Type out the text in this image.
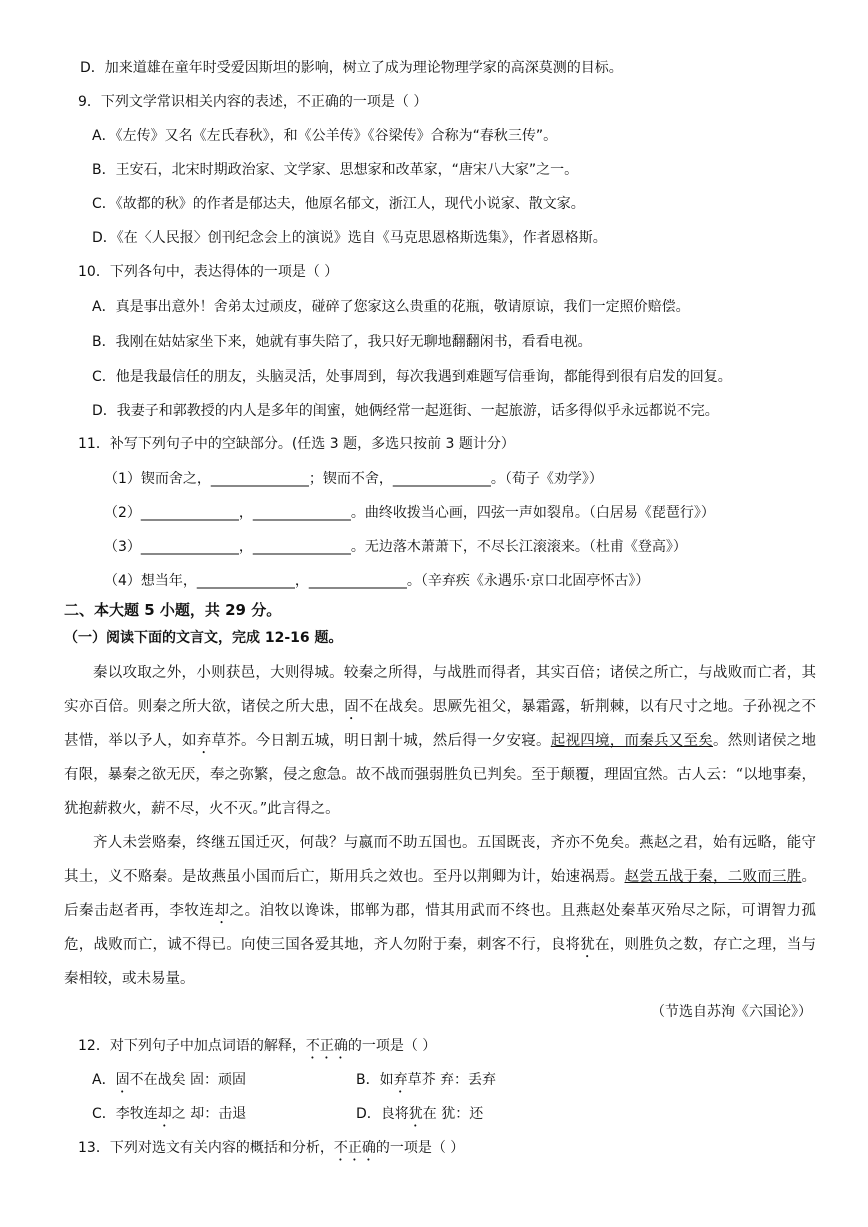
D．加来道雄在童年时受爱因斯坦的影响，树立了成为理论物理学家的高深莫测的目标。
9．下列文学常识相关内容的表述，不正确的一项是（ ）
A．《左传》又名《左氏春秋》，和《公羊传》《谷梁传》合称为“春秋三传”。
B．王安石，北宋时期政治家、文学家、思想家和改革家，“唐宋八大家”之一。
C．《故都的秋》的作者是郁达夫，他原名郁文，浙江人，现代小说家、散文家。
D．《在〈人民报〉创刊纪念会上的演说》选自《马克思恩格斯选集》，作者恩格斯。
10．下列各句中，表达得体的一项是（ ）
A．真是事出意外！舍弟太过顽皮，碰碎了您家这么贵重的花瓶，敬请原谅，我们一定照价赔偿。
B．我刚在姑姑家坐下来，她就有事失陪了，我只好无聊地翻翻闲书，看看电视。
C．他是我最信任的朋友，头脑灵活，处事周到，每次我遇到难题写信垂询，都能得到很有启发的回复。
D．我妻子和郭教授的内人是多年的闺蜜，她俩经常一起逛街、一起旅游，话多得似乎永远都说不完。
11．补写下列句子中的空缺部分。(任选 3 题，多选只按前 3 题计分）
（1）锲而舍之，______________；锲而不舍，______________。（荀子《劝学》）
（2）______________，______________。曲终收拨当心画，四弦一声如裂帛。（白居易《琵琶行》）
（3）______________，______________。无边落木萧萧下，不尽长江滚滚来。（杜甫《登高》）
（4）想当年，______________，______________。（辛弃疾《永遇乐·京口北固亭怀古》）
二、本大题 5 小题，共 29 分。
（一）阅读下面的文言文，完成 12-16 题。

秦以攻取之外，小则获邑，大则得城。较秦之所得，与战胜而得者，其实百倍；诸侯之所亡，与战败而亡者，其实亦百倍。则秦之所大欲，诸侯之所大患，固不在战矣。思厥先祖父，暴霜露，斩荆棘，以有尺寸之地。子孙视之不甚惜，举以予人，如弃草芥。今日割五城，明日割十城，然后得一夕安寝。起视四境，而秦兵又至矣。然则诸侯之地有限，暴秦之欲无厌，奉之弥繁，侵之愈急。故不战而强弱胜负已判矣。至于颠覆，理固宜然。古人云：“以地事秦，犹抱薪救火，薪不尽，火不灭。”此言得之。

齐人未尝赂秦，终继五国迁灭，何哉？与嬴而不助五国也。五国既丧，齐亦不免矣。燕赵之君，始有远略，能守其土，义不赂秦。是故燕虽小国而后亡，斯用兵之效也。至丹以荆卿为计，始速祸焉。赵尝五战于秦，二败而三胜。后秦击赵者再，李牧连却之。洎牧以谗诛，邯郸为郡，惜其用武而不终也。且燕赵处秦革灭殆尽之际，可谓智力孤危，战败而亡，诚不得已。向使三国各爱其地，齐人勿附于秦，刺客不行，良将犹在，则胜负之数，存亡之理，当与秦相较，或未易量。

（节选自苏洵《六国论》）
12．对下列句子中加点词语的解释，不正确的一项是（ ）
A．固不在战矣 固：顽固	B．如弃草芥 弃：丢弃
C．李牧连却之 却：击退	D．良将犹在 犹：还
13．下列对选文有关内容的概括和分析，不正确的一项是（ ）
